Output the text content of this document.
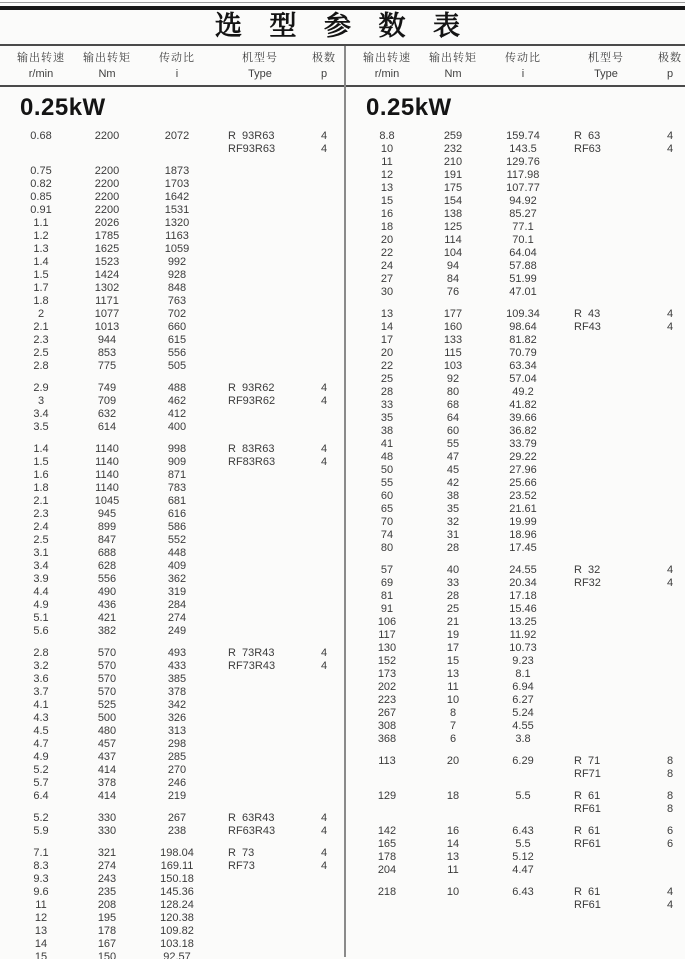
选 型 参 数 表
输出转速
r/min
输出转矩
Nm
传动比
i
机型号
Type
极数
p
输出转速
r/min
输出转矩
Nm
传动比
i
机型号
Type
极数
p
0.25kW
0.68	2200	2072	R  93R63	4
RF93R63	4
0.75	2200	1873
0.82	2200	1703
0.85	2200	1642
0.91	2200	1531
1.1	2026	1320
1.2	1785	1163
1.3	1625	1059
1.4	1523	992
1.5	1424	928
1.7	1302	848
1.8	1171	763
2	1077	702
2.1	1013	660
2.3	944	615
2.5	853	556
2.8	775	505
2.9	749	488	R  93R62	4
3	709	462	RF93R62	4
3.4	632	412
3.5	614	400
1.4	1140	998	R  83R63	4
1.5	1140	909	RF83R63	4
1.6	1140	871
1.8	1140	783
2.1	1045	681
2.3	945	616
2.4	899	586
2.5	847	552
3.1	688	448
3.4	628	409
3.9	556	362
4.4	490	319
4.9	436	284
5.1	421	274
5.6	382	249
2.8	570	493	R  73R43	4
3.2	570	433	RF73R43	4
3.6	570	385
3.7	570	378
4.1	525	342
4.3	500	326
4.5	480	313
4.7	457	298
4.9	437	285
5.2	414	270
5.7	378	246
6.4	414	219
5.2	330	267	R  63R43	4
5.9	330	238	RF63R43	4
7.1	321	198.04	R  73	4
8.3	274	169.11	RF73	4
9.3	243	150.18
9.6	235	145.36
11	208	128.24
12	195	120.38
13	178	109.82
14	167	103.18
15	150	92.57
0.25kW
8.8	259	159.74	R  63	4
10	232	143.5	RF63	4
11	210	129.76
12	191	117.98
13	175	107.77
15	154	94.92
16	138	85.27
18	125	77.1
20	114	70.1
22	104	64.04
24	94	57.88
27	84	51.99
30	76	47.01
13	177	109.34	R  43	4
14	160	98.64	RF43	4
17	133	81.82
20	115	70.79
22	103	63.34
25	92	57.04
28	80	49.2
33	68	41.82
35	64	39.66
38	60	36.82
41	55	33.79
48	47	29.22
50	45	27.96
55	42	25.66
60	38	23.52
65	35	21.61
70	32	19.99
74	31	18.96
80	28	17.45
57	40	24.55	R  32	4
69	33	20.34	RF32	4
81	28	17.18
91	25	15.46
106	21	13.25
117	19	11.92
130	17	10.73
152	15	9.23
173	13	8.1
202	11	6.94
223	10	6.27
267	8	5.24
308	7	4.55
368	6	3.8
113	20	6.29	R  71	8
RF71	8
129	18	5.5	R  61	8
RF61	8
142	16	6.43	R  61	6
165	14	5.5	RF61	6
178	13	5.12
204	11	4.47
218	10	6.43	R  61	4
RF61	4
